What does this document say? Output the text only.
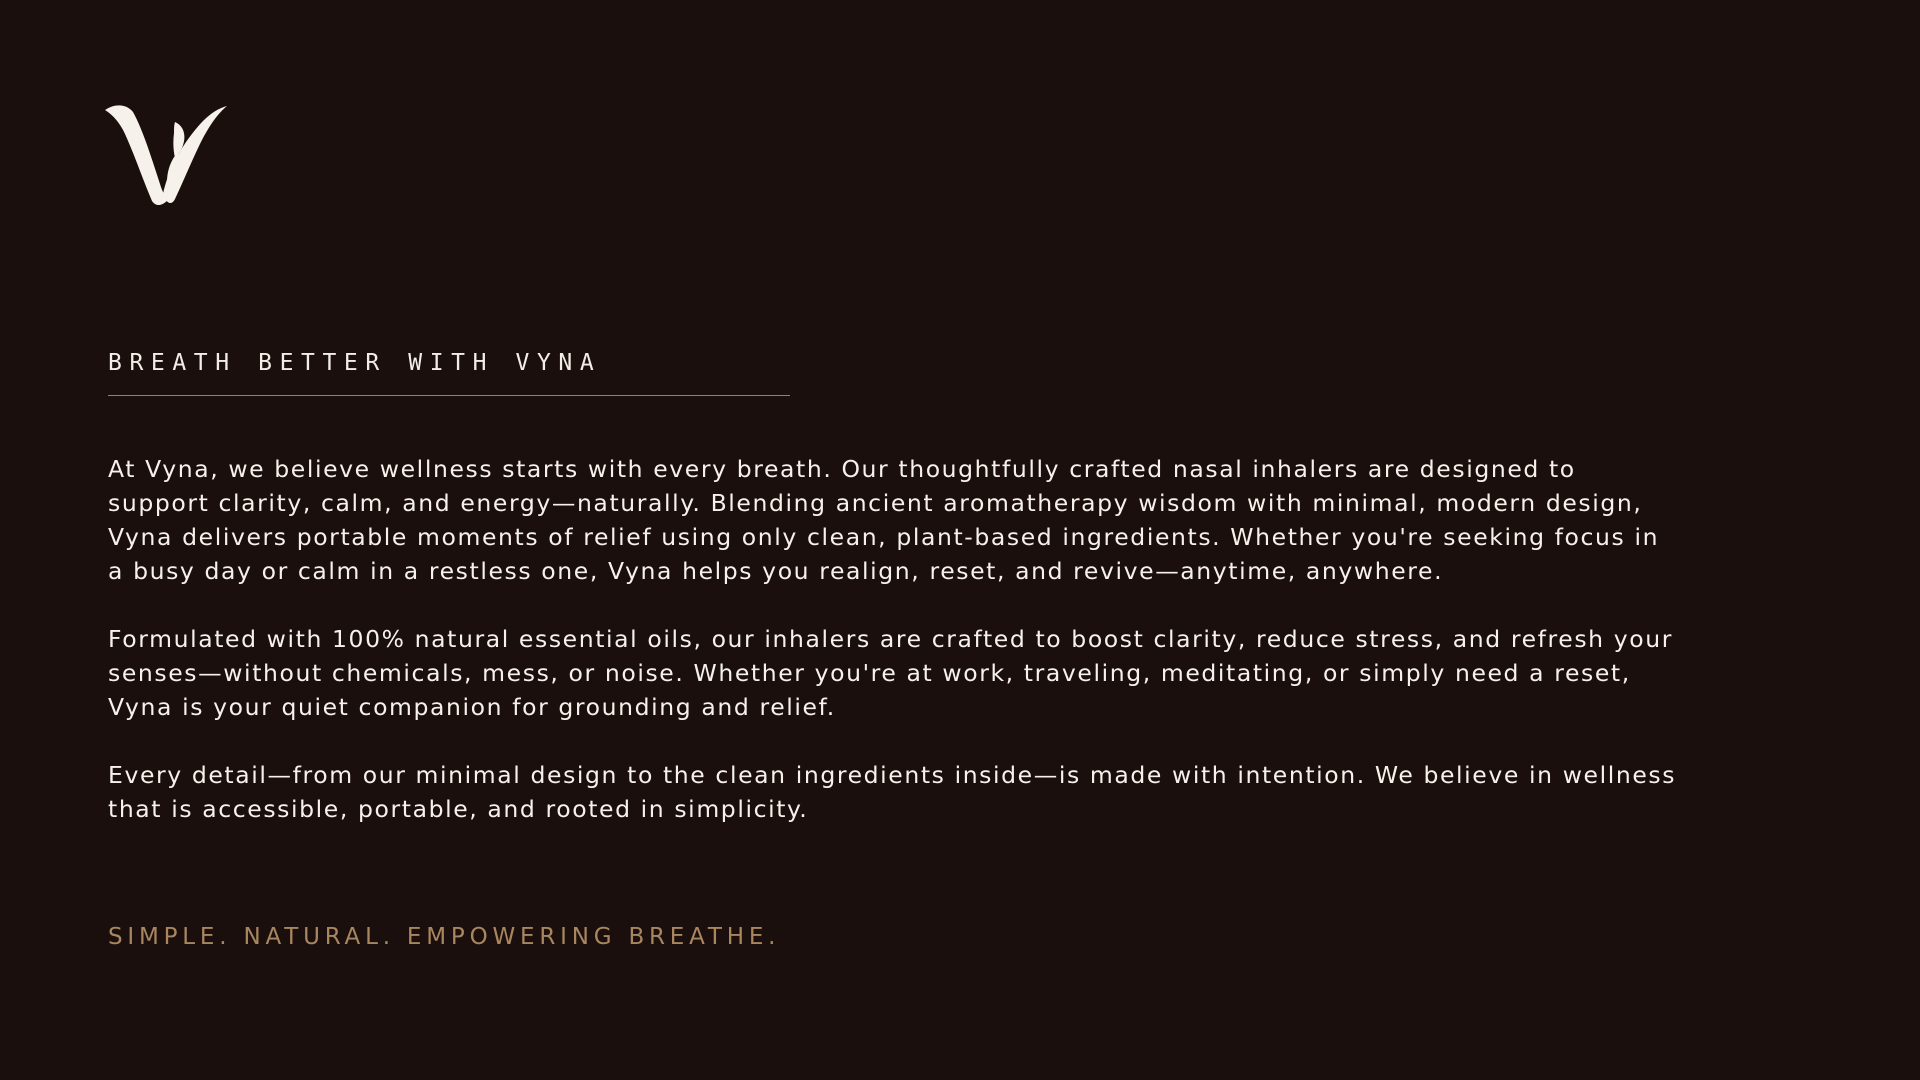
BREATH BETTER WITH VYNA

At Vyna, we believe wellness starts with every breath. Our thoughtfully crafted nasal inhalers are designed to
support clarity, calm, and energy—naturally. Blending ancient aromatherapy wisdom with minimal, modern design,
Vyna delivers portable moments of relief using only clean, plant-based ingredients. Whether you're seeking focus in
a busy day or calm in a restless one, Vyna helps you realign, reset, and revive—anytime, anywhere.

Formulated with 100% natural essential oils, our inhalers are crafted to boost clarity, reduce stress, and refresh your
senses—without chemicals, mess, or noise. Whether you're at work, traveling, meditating, or simply need a reset,
Vyna is your quiet companion for grounding and relief.

Every detail—from our minimal design to the clean ingredients inside—is made with intention. We believe in wellness
that is accessible, portable, and rooted in simplicity.

SIMPLE. NATURAL. EMPOWERING BREATHE.
